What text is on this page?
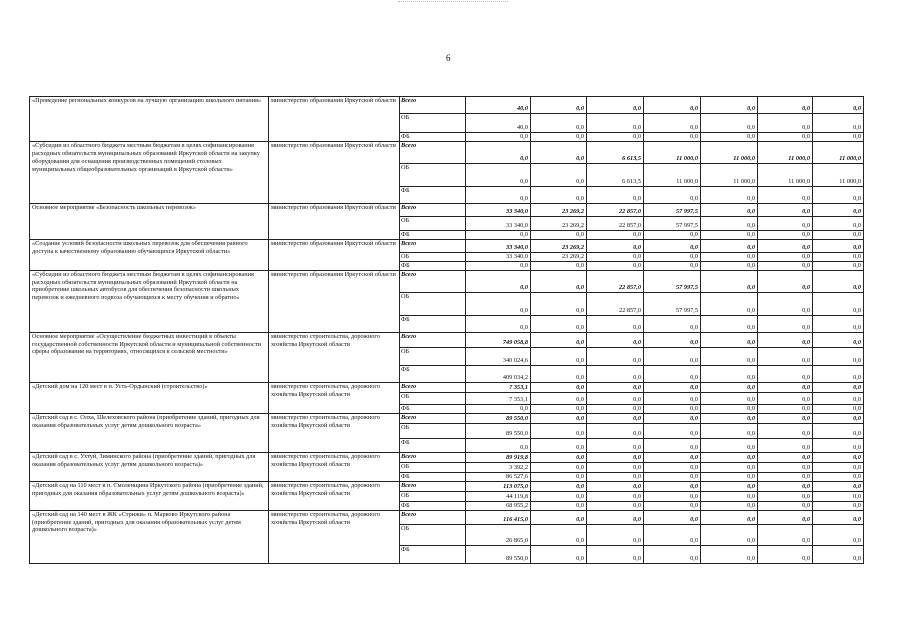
6
«Проведение региональных конкурсов на лучшую организацию школьного питания»	министерство образования Иркутской области	Всего	40,0	0,0	0,0	0,0	0,0	0,0	0,0
		ОБ	40,0	0,0	0,0	0,0	0,0	0,0	0,0
		ФБ	0,0	0,0	0,0	0,0	0,0	0,0	0,0
«Субсидии из областного бюджета местным бюджетам в целях софинансирования расходных обязательств муниципальных образований Иркутской области на закупку оборудования для оснащения производственных помещений столовых муниципальных общеобразовательных организаций в Иркутской области»	министерство образования Иркутской области	Всего	0,0	0,0	6 613,5	11 000,0	11 000,0	11 000,0	11 000,0
		ОБ	0,0	0,0	6 613,5	11 000,0	11 000,0	11 000,0	11 000,0
		ФБ	0,0	0,0	0,0	0,0	0,0	0,0	0,0
Основное мероприятие «Безопасность школьных перевозок»	министерство образования Иркутской области	Всего	33 340,0	23 269,2	22 857,0	57 997,5	0,0	0,0	0,0
		ОБ	33 340,0	23 269,2	22 857,0	57 997,5	0,0	0,0	0,0
		ФБ	0,0	0,0	0,0	0,0	0,0	0,0	0,0
«Создание условий безопасности школьных перевозок для обеспечения равного доступа к качественному образованию обучающихся Иркутской области»	министерство образования Иркутской области	Всего	33 340,0	23 269,2	0,0	0,0	0,0	0,0	0,0
		ОБ	33 340,0	23 269,2	0,0	0,0	0,0	0,0	0,0
		ФБ	0,0	0,0	0,0	0,0	0,0	0,0	0,0
«Субсидии из областного бюджета местным бюджетам в целях софинансирования расходных обязательств муниципальных образований Иркутской области на приобретение школьных автобусов для обеспечения безопасности школьных перевозок и ежедневного подвоза обучающихся к месту обучения и обратно»	министерство образования Иркутской области	Всего	0,0	0,0	22 857,0	57 997,5	0,0	0,0	0,0
		ОБ	0,0	0,0	22 857,0	57 997,5	0,0	0,0	0,0
		ФБ	0,0	0,0	0,0	0,0	0,0	0,0	0,0
Основное мероприятие «Осуществление бюджетных инвестиций в объекты государственной собственности Иркутской области и муниципальной собственности сферы образования на территориях, относящихся к сельской местности»	министерство строительства, дорожного хозяйства Иркутской области	Всего	749 058,8	0,0	0,0	0,0	0,0	0,0	0,0
		ОБ	340 024,6	0,0	0,0	0,0	0,0	0,0	0,0
		ФБ	409 034,2	0,0	0,0	0,0	0,0	0,0	0,0
«Детский дом на 120 мест в п. Усть-Ордынский (строительство)»	министерство строительства, дорожного хозяйства Иркутской области	Всего	7 353,1	0,0	0,0	0,0	0,0	0,0	0,0
		ОБ	7 353,1	0,0	0,0	0,0	0,0	0,0	0,0
		ФБ	0,0	0,0	0,0	0,0	0,0	0,0	0,0
«Детский сад в с. Олха, Шелеховского района (приобретение зданий, пригодных для оказания образовательных услуг детям дошкольного возраста»	министерство строительства, дорожного хозяйства Иркутской области	Всего	89 550,0	0,0	0,0	0,0	0,0	0,0	0,0
		ОБ	89 550,0	0,0	0,0	0,0	0,0	0,0	0,0
		ФБ	0,0	0,0	0,0	0,0	0,0	0,0	0,0
«Детский сад в с. Ухтуй, Зиминского района (приобретение зданий, пригодных для оказания образовательных услуг детям дошкольного возраста)»	министерство строительства, дорожного хозяйства Иркутской области	Всего	89 919,8	0,0	0,0	0,0	0,0	0,0	0,0
		ОБ	3 392,2	0,0	0,0	0,0	0,0	0,0	0,0
		ФБ	86 527,6	0,0	0,0	0,0	0,0	0,0	0,0
«Детский сад на 110 мест в п. Смоленщина Иркутского района (приобретение зданий, пригодных для оказания образовательных услуг детям дошкольного возраста)»	министерство строительства, дорожного хозяйства Иркутской области	Всего	113 075,0	0,0	0,0	0,0	0,0	0,0	0,0
		ОБ	44 119,8	0,0	0,0	0,0	0,0	0,0	0,0
		ФБ	68 955,2	0,0	0,0	0,0	0,0	0,0	0,0
«Детский сад на 140 мест в ЖК «Стрижи» п. Марково Иркутского района (приобретение зданий, пригодных для оказания образовательных услуг детям дошкольного возраста)»	министерство строительства, дорожного хозяйства Иркутской области	Всего	116 415,0	0,0	0,0	0,0	0,0	0,0	0,0
		ОБ	26 865,0	0,0	0,0	0,0	0,0	0,0	0,0
		ФБ	89 550,0	0,0	0,0	0,0	0,0	0,0	0,0
